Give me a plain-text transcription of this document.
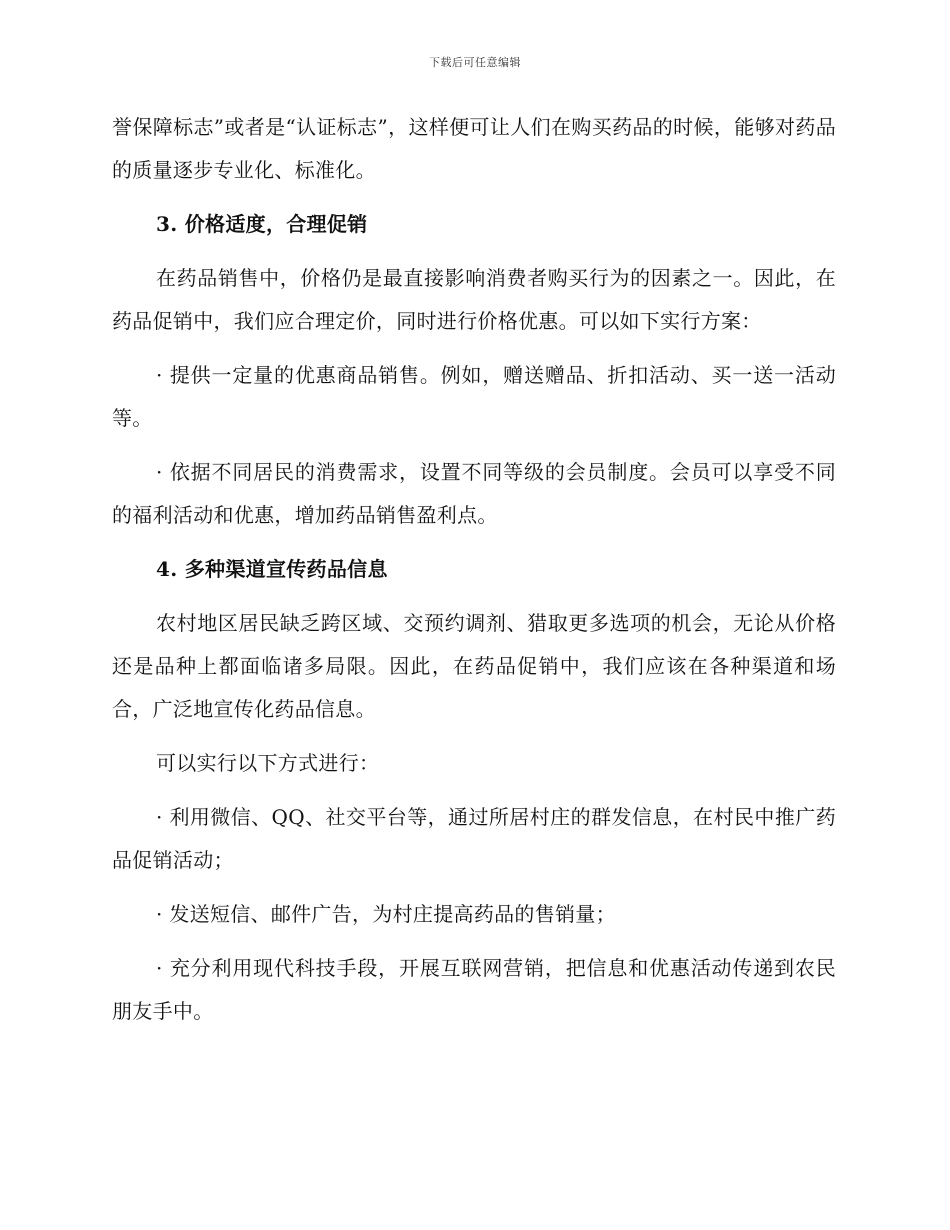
下载后可任意编辑

誉保障标志”或者是“认证标志”，这样便可让人们在购买药品的时候，能够对药品的质量逐步专业化、标准化。

3. 价格适度，合理促销

在药品销售中，价格仍是最直接影响消费者购买行为的因素之一。因此，在药品促销中，我们应合理定价，同时进行价格优惠。可以如下实行方案：

· 提供一定量的优惠商品销售。例如，赠送赠品、折扣活动、买一送一活动等。

· 依据不同居民的消费需求，设置不同等级的会员制度。会员可以享受不同的福利活动和优惠，增加药品销售盈利点。

4. 多种渠道宣传药品信息

农村地区居民缺乏跨区域、交预约调剂、猎取更多选项的机会，无论从价格还是品种上都面临诸多局限。因此，在药品促销中，我们应该在各种渠道和场合，广泛地宣传化药品信息。

可以实行以下方式进行：

· 利用微信、QQ、社交平台等，通过所居村庄的群发信息，在村民中推广药品促销活动；

· 发送短信、邮件广告，为村庄提高药品的售销量；

· 充分利用现代科技手段，开展互联网营销，把信息和优惠活动传递到农民朋友手中。
